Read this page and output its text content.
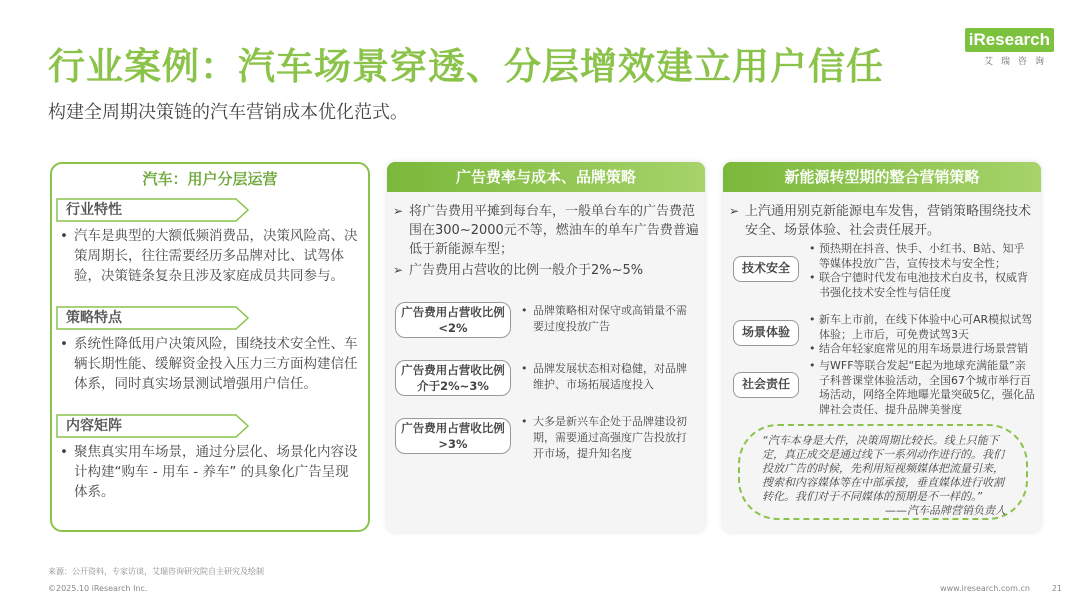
行业案例：汽车场景穿透、分层增效建立用户信任
构建全周期决策链的汽车营销成本优化范式。
iResearch
艾瑞咨询
汽车：用户分层运营
行业特性
• 汽车是典型的大额低频消费品，决策风险高、决策周期长，往往需要经历多品牌对比、试驾体验，决策链条复杂且涉及家庭成员共同参与。
策略特点
• 系统性降低用户决策风险，围绕技术安全性、车辆长期性能、缓解资金投入压力三方面构建信任体系，同时真实场景测试增强用户信任。
内容矩阵
• 聚焦真实用车场景，通过分层化、场景化内容设计构建“购车 - 用车 - 养车” 的具象化广告呈现体系。
广告费率与成本、品牌策略
➢ 将广告费用平摊到每台车，一般单台车的广告费范围在300~2000元不等，燃油车的单车广告费普遍低于新能源车型；
➢ 广告费用占营收的比例一般介于2%~5%
广告费用占营收比例<2%
• 品牌策略相对保守或高销量不需要过度投放广告
广告费用占营收比例介于2%~3%
• 品牌发展状态相对稳健，对品牌维护、市场拓展适度投入
广告费用占营收比例>3%
• 大多是新兴车企处于品牌建设初期，需要通过高强度广告投放打开市场，提升知名度
新能源转型期的整合营销策略
➢ 上汽通用别克新能源电车发售，营销策略围绕技术安全、场景体验、社会责任展开。
技术安全
• 预热期在抖音、快手、小红书、B站、知乎等媒体投放广告，宣传技术与安全性；
• 联合宁德时代发布电池技术白皮书，权威背书强化技术安全性与信任度
场景体验
• 新车上市前，在线下体验中心可AR模拟试驾体验；上市后，可免费试驾3天
• 结合年轻家庭常见的用车场景进行场景营销
社会责任
• 与WFF等联合发起“E起为地球充满能量”亲子科普课堂体验活动，全国67个城市举行百场活动，网络全阵地曝光量突破5亿，强化品牌社会责任、提升品牌美誉度
“汽车本身是大件，决策周期比较长。线上只能下定，真正成交是通过线下一系列动作进行的。我们投放广告的时候，先利用短视频媒体把流量引来，搜索和内容媒体等在中部承接，垂直媒体进行收割转化。我们对于不同媒体的预期是不一样的。”
——汽车品牌营销负责人
来源：公开资料，专家访谈，艾瑞咨询研究院自主研究及绘制
©2025.10 iResearch Inc.	www.iresearch.com.cn	21
